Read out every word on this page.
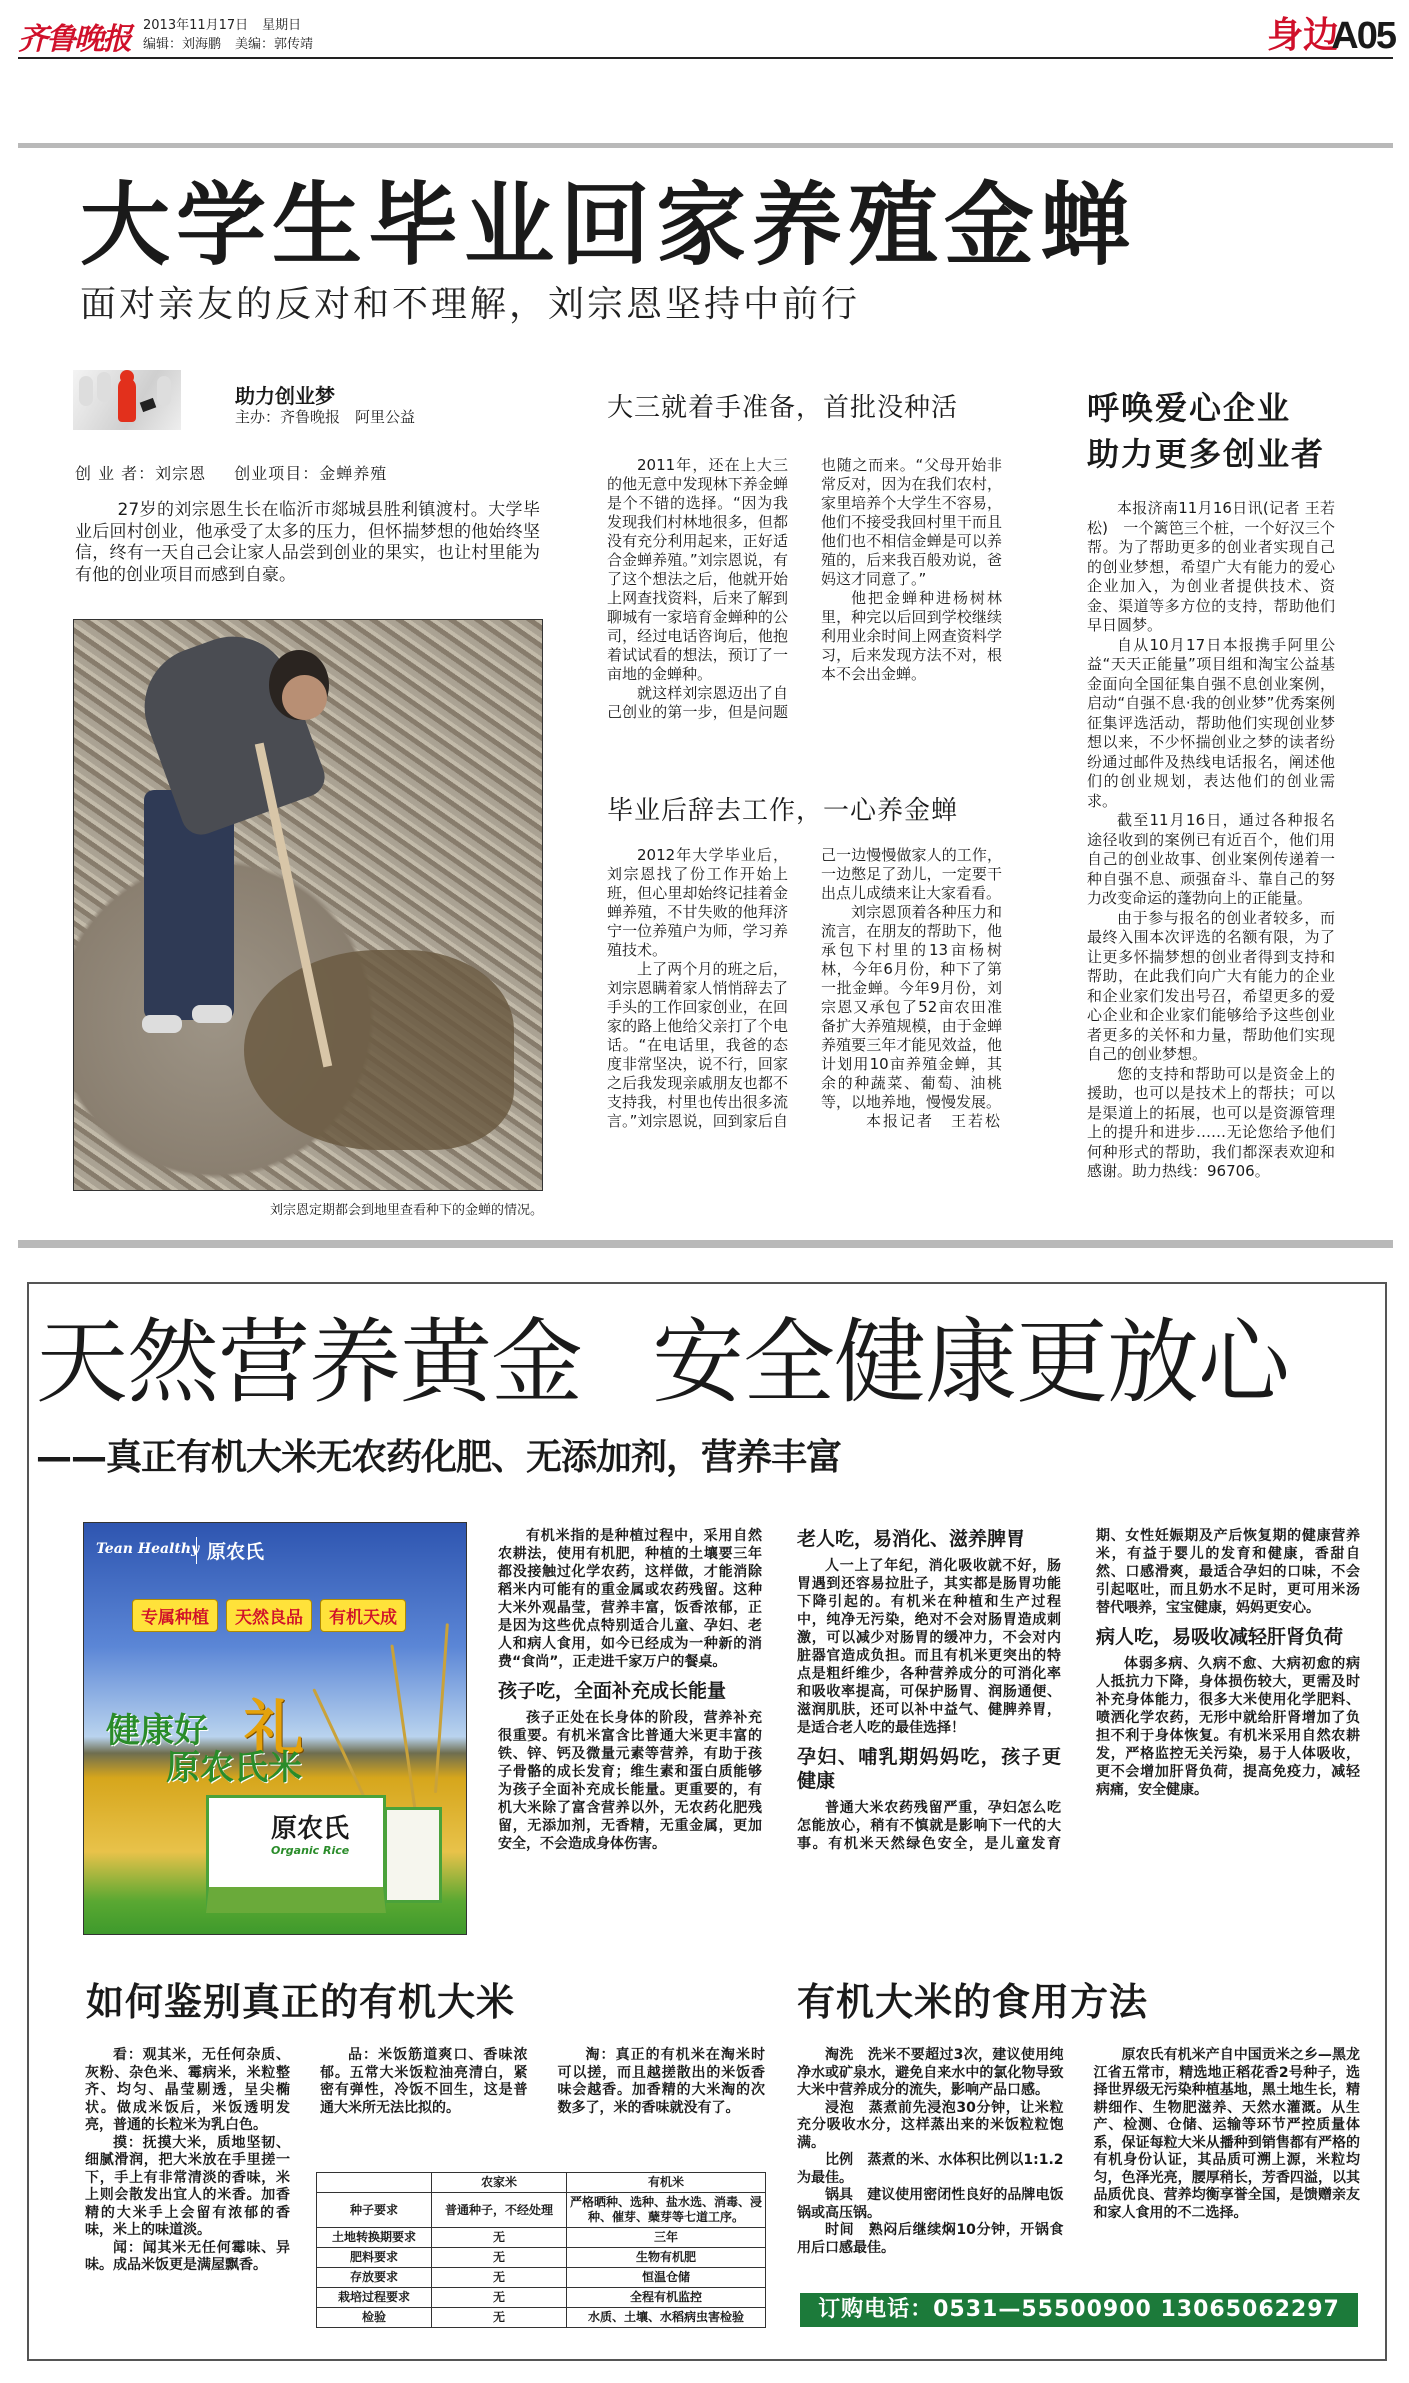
齐鲁晚报 2013年11月17日 星期日
编辑：刘海鹏 美编：郭传靖	身边
A05
大学生毕业回家养殖金蝉
面对亲友的反对和不理解，刘宗恩坚持中前行
助力创业梦
主办：齐鲁晚报　阿里公益
创 业 者：刘宗恩 创业项目：金蝉养殖

27岁的刘宗恩生长在临沂市郯城县胜利镇渡村。大学毕业后回村创业，他承受了太多的压力，但怀揣梦想的他始终坚信，终有一天自己会让家人品尝到创业的果实，也让村里能为有他的创业项目而感到自豪。

刘宗恩定期都会到地里查看种下的金蝉的情况。
大三就着手准备，首批没种活

2011年，还在上大三的他无意中发现林下养金蝉是个不错的选择。“因为我发现我们村林地很多，但都没有充分利用起来，正好适合金蝉养殖。”刘宗恩说，有了这个想法之后，他就开始上网查找资料，后来了解到聊城有一家培育金蝉种的公司，经过电话咨询后，他抱着试试看的想法，预订了一亩地的金蝉种。

就这样刘宗恩迈出了自己创业的第一步，但是问题也随之而来。“父母开始非常反对，因为在我们农村，家里培养个大学生不容易，他们不接受我回村里干而且他们也不相信金蝉是可以养殖的，后来我百般劝说，爸妈这才同意了。”

他把金蝉种进杨树林里，种完以后回到学校继续利用业余时间上网查资料学习，后来发现方法不对，根本不会出金蝉。

毕业后辞去工作，一心养金蝉

2012年大学毕业后，刘宗恩找了份工作开始上班，但心里却始终记挂着金蝉养殖，不甘失败的他拜济宁一位养殖户为师，学习养殖技术。

上了两个月的班之后，刘宗恩瞒着家人悄悄辞去了手头的工作回家创业，在回家的路上他给父亲打了个电话。“在电话里，我爸的态度非常坚决，说不行，回家之后我发现亲戚朋友也都不支持我，村里也传出很多流言。”刘宗恩说，回到家后自己一边慢慢做家人的工作，一边憋足了劲儿，一定要干出点儿成绩来让大家看看。

刘宗恩顶着各种压力和流言，在朋友的帮助下，他承包下村里的13亩杨树林，今年6月份，种下了第一批金蝉。今年9月份，刘宗恩又承包了52亩农田准备扩大养殖规模，由于金蝉养殖要三年才能见效益，他计划用10亩养殖金蝉，其余的种蔬菜、葡萄、油桃等，以地养地，慢慢发展。

本报记者　王若松

呼唤爱心企业
助力更多创业者

本报济南11月16日讯(记者 王若松)　一个篱笆三个桩，一个好汉三个帮。为了帮助更多的创业者实现自己的创业梦想，希望广大有能力的爱心企业加入，为创业者提供技术、资金、渠道等多方位的支持，帮助他们早日圆梦。

自从10月17日本报携手阿里公益“天天正能量”项目组和淘宝公益基金面向全国征集自强不息创业案例，启动“自强不息·我的创业梦”优秀案例征集评选活动，帮助他们实现创业梦想以来，不少怀揣创业之梦的读者纷纷通过邮件及热线电话报名，阐述他们的创业规划，表达他们的创业需求。

截至11月16日，通过各种报名途径收到的案例已有近百个，他们用自己的创业故事、创业案例传递着一种自强不息、顽强奋斗、靠自己的努力改变命运的蓬勃向上的正能量。

由于参与报名的创业者较多，而最终入围本次评选的名额有限，为了让更多怀揣梦想的创业者得到支持和帮助，在此我们向广大有能力的企业和企业家们发出号召，希望更多的爱心企业和企业家们能够给予这些创业者更多的关怀和力量，帮助他们实现自己的创业梦想。

您的支持和帮助可以是资金上的援助，也可以是技术上的帮扶；可以是渠道上的拓展，也可以是资源管理上的提升和进步……无论您给予他们何种形式的帮助，我们都深表欢迎和感谢。助力热线：96706。

天然营养黄金 安全健康更放心
——真正有机大米无农药化肥、无添加剂，营养丰富
Tean Healthy 原农氏
专属种植	天然良品	有机天成
健康好 礼
原农氏
Organic Rice
原农氏米

有机米指的是种植过程中，采用自然农耕法，使用有机肥，种植的土壤要三年都没接触过化学农药，这样做，才能消除稻米内可能有的重金属或农药残留。这种大米外观晶莹，营养丰富，饭香浓郁，正是因为这些优点特别适合儿童、孕妇、老人和病人食用，如今已经成为一种新的消费“食尚”，正走进千家万户的餐桌。

孩子吃，全面补充成长能量

孩子正处在长身体的阶段，营养补充很重要。有机米富含比普通大米更丰富的铁、锌、钙及微量元素等营养，有助于孩子骨骼的成长发育；维生素和蛋白质能够为孩子全面补充成长能量。更重要的，有机大米除了富含营养以外，无农药化肥残留，无添加剂，无香精，无重金属，更加安全，不会造成身体伤害。

老人吃，易消化、滋养脾胃

人一上了年纪，消化吸收就不好，肠胃遇到还容易拉肚子，其实都是肠胃功能下降引起的。有机米在种植和生产过程中，纯净无污染，绝对不会对肠胃造成刺激，可以减少对肠胃的缓冲力，不会对内脏器官造成负担。而且有机米更突出的特点是粗纤维少，各种营养成分的可消化率和吸收率提高，可保护肠胃、润肠通便、滋润肌肤，还可以补中益气、健脾养胃，是适合老人吃的最佳选择！

孕妇、哺乳期妈妈吃，孩子更健康

普通大米农药残留严重，孕妇怎么吃怎能放心，稍有不慎就是影响下一代的大事。有机米天然绿色安全，是儿童发育期、女性妊娠期及产后恢复期的健康营养米，有益于婴儿的发育和健康，香甜自然、口感滑爽，最适合孕妇的口味，不会引起呕吐，而且奶水不足时，更可用米汤替代喂养，宝宝健康，妈妈更安心。

病人吃，易吸收减轻肝肾负荷

体弱多病、久病不愈、大病初愈的病人抵抗力下降，身体损伤较大，更需及时补充身体能力，很多大米使用化学肥料、喷洒化学农药，无形中就给肝肾增加了负担不利于身体恢复。有机米采用自然农耕发，严格监控无关污染，易于人体吸收，更不会增加肝肾负荷，提高免疫力，减轻病痛，安全健康。

如何鉴别真正的有机大米

看：观其米，无任何杂质、灰粉、杂色米、霉病米，米粒整齐、均匀、晶莹剔透，呈尖椭状。做成米饭后，米饭透明发亮，普通的长粒米为乳白色。

摸：抚摸大米，质地坚韧、细腻滑润，把大米放在手里搓一下，手上有非常清淡的香味，米上则会散发出宜人的米香。加香精的大米手上会留有浓郁的香味，米上的味道淡。

闻：闻其米无任何霉味、异味。成品米饭更是满屋飘香。

品：米饭筋道爽口、香味浓郁。五常大米饭粒油亮清白，紧密有弹性，冷饭不回生，这是普通大米所无法比拟的。

淘：真正的有机米在淘米时可以搓，而且越搓散出的米饭香味会越香。加香精的大米淘的次数多了，米的香味就没有了。

	农家米	有机米
种子要求	普通种子，不经处理	严格晒种、选种、盐水选、消毒、浸种、催芽、蘖芽等七道工序。
土地转换期要求	无	三年
肥料要求	无	生物有机肥
存放要求	无	恒温仓储
栽培过程要求	无	全程有机监控
检验	无	水质、土壤、水稻病虫害检验
有机大米的食用方法

淘洗　洗米不要超过3次，建议使用纯净水或矿泉水，避免自来水中的氯化物导致大米中营养成分的流失，影响产品口感。

浸泡　蒸煮前先浸泡30分钟，让米粒充分吸收水分，这样蒸出来的米饭粒粒饱满。

比例　蒸煮的米、水体积比例以1:1.2为最佳。

锅具　建议使用密闭性良好的品牌电饭锅或高压锅。

时间　熟闷后继续焖10分钟，开锅食用后口感最佳。

原农氏有机米产自中国贡米之乡—黑龙江省五常市，精选地正稻花香2号种子，选择世界级无污染种植基地，黑土地生长，精耕细作、生物肥滋养、天然水灌溉。从生产、检测、仓储、运输等环节严控质量体系，保证每粒大米从播种到销售都有严格的有机身份认证，其品质可溯上源，米粒均匀，色泽光亮，腰厚稍长，芳香四溢，以其品质优良、营养均衡享誉全国，是馈赠亲友和家人食用的不二选择。

订购电话：0531—55500900 13065062297
